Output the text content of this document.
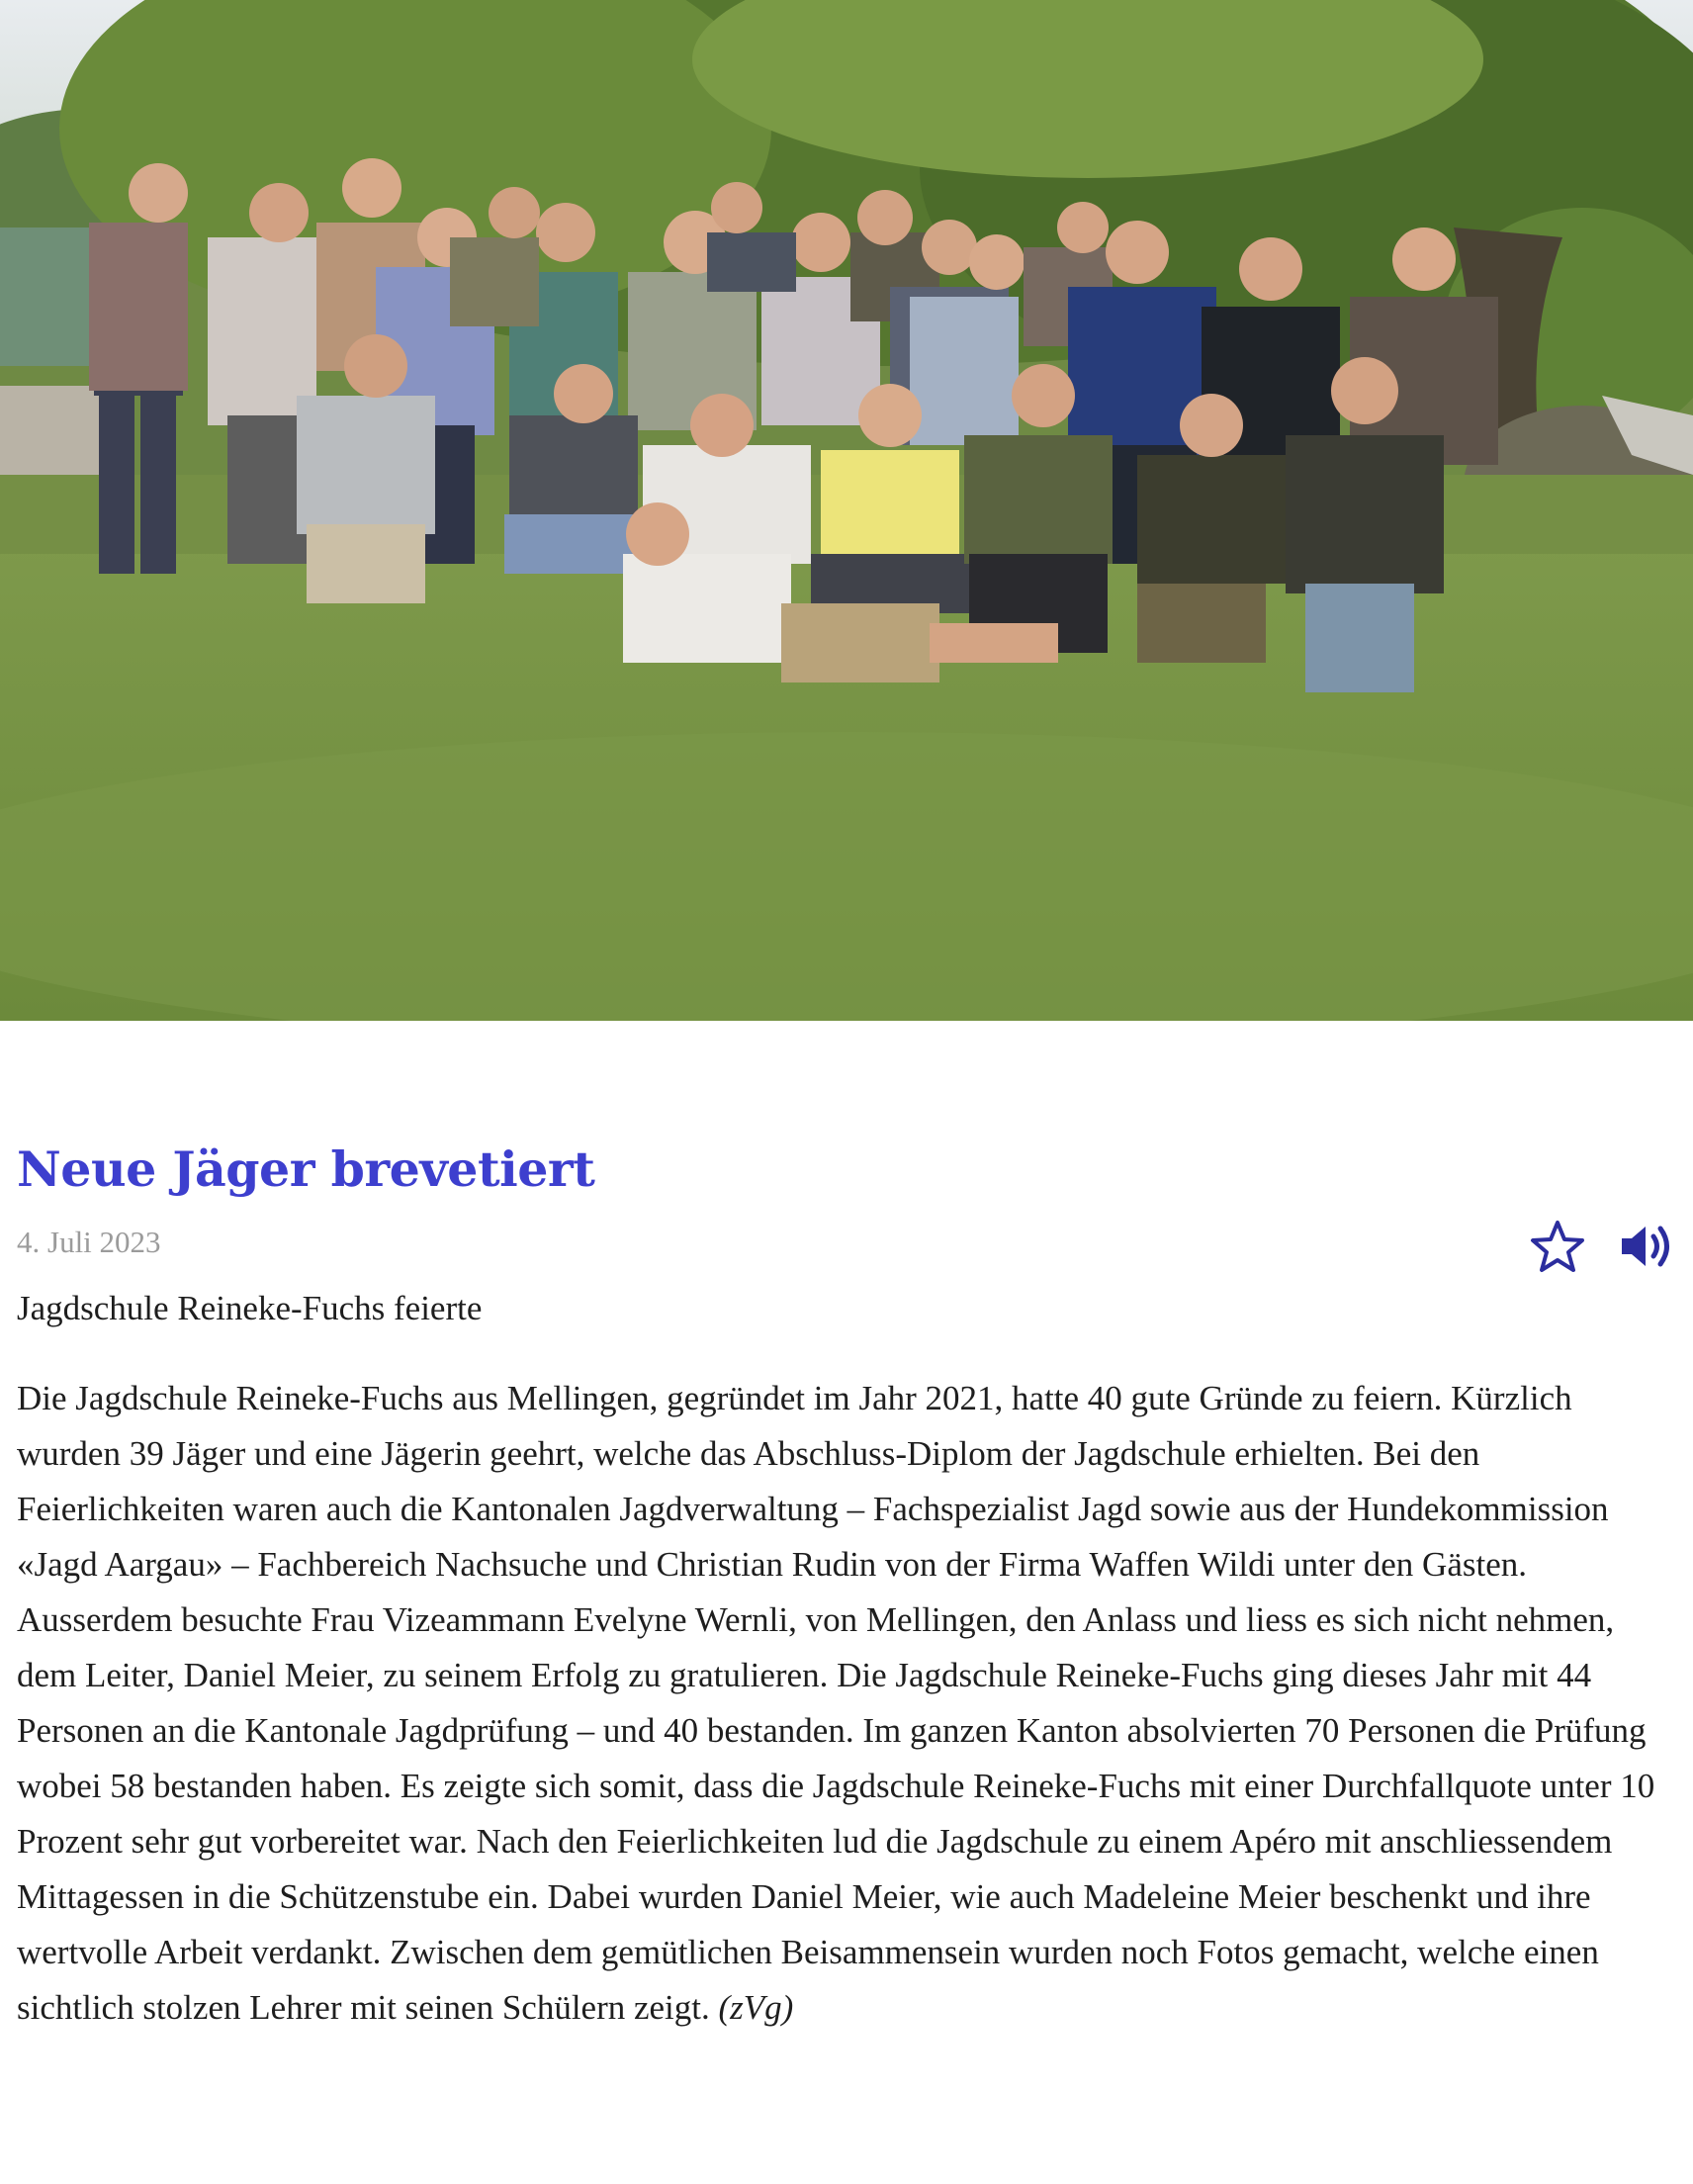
Neue Jäger brevetiert
4. Juli 2023

Jagdschule Reineke-Fuchs feierte

Die Jagdschule Reineke-Fuchs aus Mellingen, gegründet im Jahr 2021, hatte 40 gute Gründe zu feiern. Kürzlich wurden 39 Jäger und eine Jägerin geehrt, welche das Abschluss-Diplom der Jagdschule erhielten. Bei den Feierlichkeiten waren auch die Kantonalen Jagdverwaltung – Fachspezialist Jagd sowie aus der Hundekommission «Jagd Aargau» – Fachbereich Nachsuche und Christian Rudin von der Firma Waffen Wildi unter den Gästen. Ausserdem besuchte Frau Vizeammann Evelyne Wernli, von Mellingen, den Anlass und liess es sich nicht nehmen, dem Leiter, Daniel Meier, zu seinem Erfolg zu gratulieren. Die Jagdschule Reineke-Fuchs ging dieses Jahr mit 44 Personen an die Kantonale Jagdprüfung – und 40 bestanden. Im ganzen Kanton absolvierten 70 Personen die Prüfung wobei 58 bestanden haben. Es zeigte sich somit, dass die Jagdschule Reineke-Fuchs mit einer Durchfallquote unter 10 Prozent sehr gut vorbereitet war. Nach den Feierlichkeiten lud die Jagdschule zu einem Apéro mit anschliessendem Mittagessen in die Schützenstube ein. Dabei wurden Daniel Meier, wie auch Madeleine Meier beschenkt und ihre wertvolle Arbeit verdankt. Zwischen dem gemütlichen Beisammensein wurden noch Fotos gemacht, welche einen sichtlich stolzen Lehrer mit seinen Schülern zeigt. (zVg)
